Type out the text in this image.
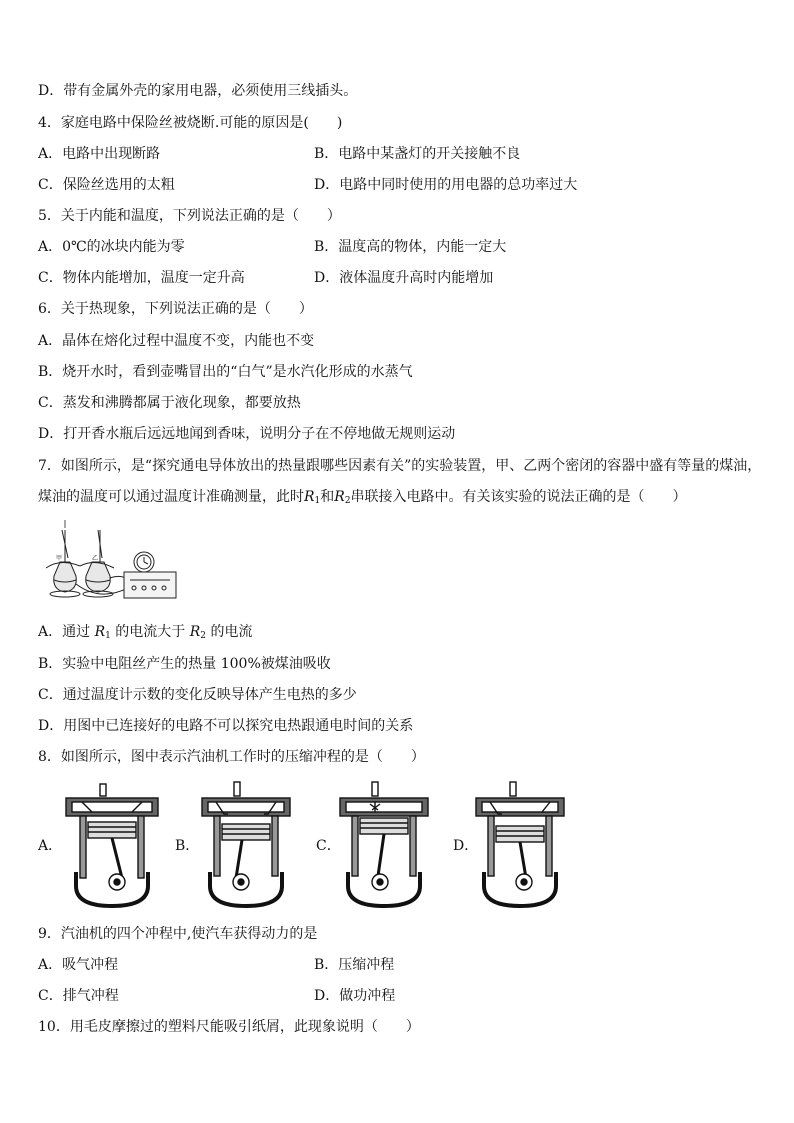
D．带有金属外壳的家用电器，必须使用三线插头。
4．家庭电路中保险丝被烧断.可能的原因是(　　)
A．电路中出现断路	B．电路中某盏灯的开关接触不良
C．保险丝选用的太粗	D．电路中同时使用的用电器的总功率过大
5．关于内能和温度，下列说法正确的是（　　）
A．0℃的冰块内能为零	B．温度高的物体，内能一定大
C．物体内能增加，温度一定升高	D．液体温度升高时内能增加
6．关于热现象，下列说法正确的是（　　）
A．晶体在熔化过程中温度不变，内能也不变
B．烧开水时，看到壶嘴冒出的“白气”是水汽化形成的水蒸气
C．蒸发和沸腾都属于液化现象，都要放热
D．打开香水瓶后远远地闻到香味，说明分子在不停地做无规则运动
7．如图所示，是“探究通电导体放出的热量跟哪些因素有关”的实验装置，甲、乙两个密闭的容器中盛有等量的煤油，
煤油的温度可以通过温度计准确测量，此时$R_1$和$R_2$串联接入电路中。有关该实验的说法正确的是（　　）
甲	乙
A．通过 $R_1$ 的电流大于 $R_2$ 的电流
B．实验中电阻丝产生的热量 100%被煤油吸收
C．通过温度计示数的变化反映导体产生电热的多少
D．用图中已连接好的电路不可以探究电热跟通电时间的关系
8．如图所示，图中表示汽油机工作时的压缩冲程的是（　　）
A．	B．	C．	D．
9．汽油机的四个冲程中,使汽车获得动力的是
A．吸气冲程	B．压缩冲程
C．排气冲程	D．做功冲程
10．用毛皮摩擦过的塑料尺能吸引纸屑，此现象说明（　　）
